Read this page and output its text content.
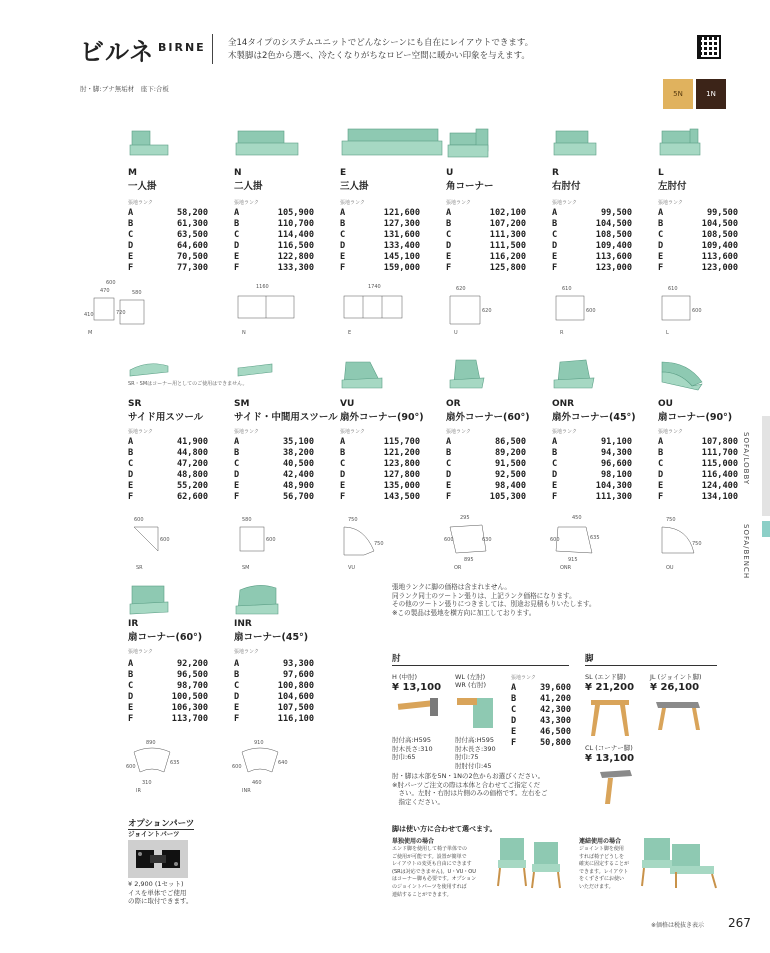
ビルネ BIRNE	全14タイプのシステムユニットでどんなシーンにも自在にレイアウトできます。
木製脚は2色から選べ、冷たくなりがちなロビー空間に暖かい印象を与えます。
肘・脚:ブナ無垢材　座下:合板
5N	1N
M
一人掛
張地ランク
A	58,200
B	61,300
C	63,500
D	64,600
E	70,500
F	77,300
600
470
410
580
720
M
N
二人掛
張地ランク
A	105,900
B	110,700
C	114,400
D	116,500
E	122,800
F	133,300
1160
N
E
三人掛
張地ランク
A	121,600
B	127,300
C	131,600
D	133,400
E	145,100
F	159,000
1740
E
U
角コーナー
張地ランク
A	102,100
B	107,200
C	111,300
D	111,500
E	116,200
F	125,800
620
620
U
R
右肘付
張地ランク
A	99,500
B	104,500
C	108,500
D	109,400
E	113,600
F	123,000
610
600
R
L
左肘付
張地ランク
A	99,500
B	104,500
C	108,500
D	109,400
E	113,600
F	123,000
610
600
L
SR
サイド用スツール
張地ランク
A	41,900
B	44,800
C	47,200
D	48,800
E	55,200
F	62,600
600
600
SR
SM
サイド・中間用スツール
張地ランク
A	35,100
B	38,200
C	40,500
D	42,400
E	48,900
F	56,700
580
600
SM
VU
扇外コーナー(90°)
張地ランク
A	115,700
B	121,200
C	123,800
D	127,800
E	135,000
F	143,500
750
750
VU
OR
扇外コーナー(60°)
張地ランク
A	86,500
B	89,200
C	91,500
D	92,500
E	98,400
F	105,300
295
600	630
895
OR
ONR
扇外コーナー(45°)
張地ランク
A	91,100
B	94,300
C	96,600
D	98,100
E	104,300
F	111,300
450
600	635
915
ONR
OU
扇コーナー(90°)
張地ランク
A	107,800
B	111,700
C	115,000
D	116,400
E	124,400
F	134,100
750
750
OU
IR
扇コーナー(60°)
張地ランク
A	92,200
B	96,500
C	98,700
D	100,500
E	106,300
F	113,700
890
600
635
310
IR
INR
扇コーナー(45°)
張地ランク
A	93,300
B	97,600
C	100,800
D	104,600
E	107,500
F	116,100
910
600
640
460
INR
SR・SMはコーナー用としてのご使用はできません。
張地ランクに脚の価格は含まれません。
同ランク同士のツートン張りは、上記ランク価格になります。
その他のツートン張りにつきましては、別途お見積もりいたします。
※この製品は張地を横方向に加工しております。
肘
H (中肘)
¥ 13,100
肘付高:H595
肘木長さ:310
肘巾:65
WL (左肘)
WR (右肘)
肘付高:H595
肘木長さ:390
肘巾:75
肘肘付巾:45
張地ランク
A	39,600
B	41,200
C	42,300
D	43,300
E	46,500
F	50,800
肘・脚は木部を5N・1Nの2色からお選びください。
※肘パーツご注文の際は本体と合わせてご指定くだ
　さい。左肘・右肘は片側のみの価格です。左右をご
　指定ください。
脚
SL (エンド脚)
¥ 21,200
JL (ジョイント脚)
¥ 26,100
CL (コーナー脚)
¥ 13,100
オプションパーツ
ジョイントパーツ
¥ 2,900 (1セット)
イスを単体でご使用
の際に取付できます。
脚は使い方に合わせて選べます。
単独使用の場合
エンド脚を使用して椅子単体での
ご使用が可能です。設置が簡単で
レイアウトの変更も自由にできます
(SRは対応できません)。U・VU・OU
はコーナー脚も必要です。オプション
のジョイントパーツを使用すれば
連結することができます。
連結使用の場合
ジョイント脚を使用
すれば椅子どうしを
確実に固定することが
できます。レイアウト
をくずさずにお使い
いただけます。
SOFA/LOBBY
SOFA/BENCH
※価格は税抜き表示 267
